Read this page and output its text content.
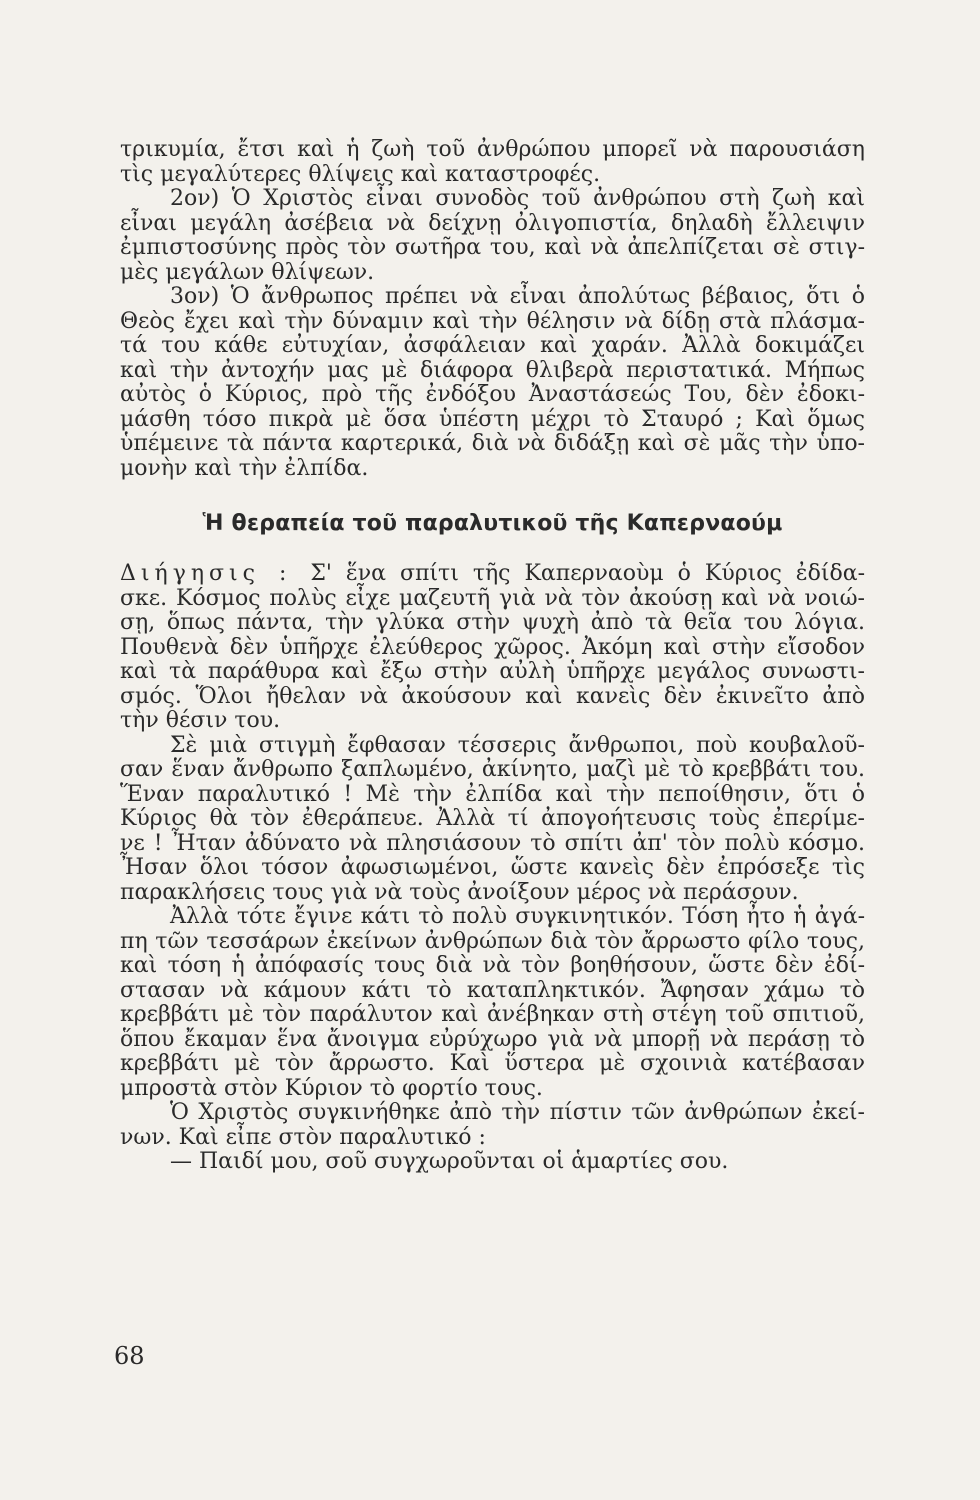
τρικυμία, ἔτσι καὶ ἡ ζωὴ τοῦ ἀνθρώπου μπορεῖ νὰ παρουσιάση
τὶς μεγαλύτερες θλίψεις καὶ καταστροφές.
2ον) Ὁ Χριστὸς εἶναι συνοδὸς τοῦ ἀνθρώπου στὴ ζωὴ καὶ
εἶναι μεγάλη ἀσέβεια νὰ δείχνῃ ὀλιγοπιστία, δηλαδὴ ἔλλειψιν
ἐμπιστοσύνης πρὸς τὸν σωτῆρα του, καὶ νὰ ἀπελπίζεται σὲ στιγ-
μὲς μεγάλων θλίψεων.
3ον) Ὁ ἄνθρωπος πρέπει νὰ εἶναι ἀπολύτως βέβαιος, ὅτι ὁ
Θεὸς ἔχει καὶ τὴν δύναμιν καὶ τὴν θέλησιν νὰ δίδῃ στὰ πλάσμα-
τά του κάθε εὐτυχίαν, ἀσφάλειαν καὶ χαράν. Ἀλλὰ δοκιμάζει
καὶ τὴν ἀντοχήν μας μὲ διάφορα θλιβερὰ περιστατικά. Μήπως
αὐτὸς ὁ Κύριος, πρὸ τῆς ἐνδόξου Ἀναστάσεώς Του, δὲν ἐδοκι-
μάσθη τόσο πικρὰ μὲ ὅσα ὑπέστη μέχρι τὸ Σταυρό ; Καὶ ὅμως
ὑπέμεινε τὰ πάντα καρτερικά, διὰ νὰ διδάξῃ καὶ σὲ μᾶς τὴν ὑπο-
μονὴν καὶ τὴν ἐλπίδα.
Ἡ θεραπεία τοῦ παραλυτικοῦ τῆς Καπερναούμ
Διήγησις : Σ' ἕνα σπίτι τῆς Καπερναοὺμ ὁ Κύριος ἐδίδα-
σκε. Κόσμος πολὺς εἶχε μαζευτῆ γιὰ νὰ τὸν ἀκούσῃ καὶ νὰ νοιώ-
σῃ, ὅπως πάντα, τὴν γλύκα στὴν ψυχὴ ἀπὸ τὰ θεῖα του λόγια.
Πουθενὰ δὲν ὑπῆρχε ἐλεύθερος χῶρος. Ἀκόμη καὶ στὴν εἴσοδον
καὶ τὰ παράθυρα καὶ ἔξω στὴν αὐλὴ ὑπῆρχε μεγάλος συνωστι-
σμός. Ὅλοι ἤθελαν νὰ ἀκούσουν καὶ κανεὶς δὲν ἐκινεῖτο ἀπὸ
τὴν θέσιν του.
Σὲ μιὰ στιγμὴ ἔφθασαν τέσσερις ἄνθρωποι, ποὺ κουβαλοῦ-
σαν ἕναν ἄνθρωπο ξαπλωμένο, ἀκίνητο, μαζὶ μὲ τὸ κρεββάτι του.
Ἕναν παραλυτικό ! Μὲ τὴν ἐλπίδα καὶ τὴν πεποίθησιν, ὅτι ὁ
Κύριος θὰ τὸν ἐθεράπευε. Ἀλλὰ τί ἀπογοήτευσις τοὺς ἐπερίμε-
νε ! Ἦταν ἀδύνατο νὰ πλησιάσουν τὸ σπίτι ἀπ' τὸν πολὺ κόσμο.
Ἦσαν ὅλοι τόσον ἀφωσιωμένοι, ὥστε κανεὶς δὲν ἐπρόσεξε τὶς
παρακλήσεις τους γιὰ νὰ τοὺς ἀνοίξουν μέρος νὰ περάσουν.
Ἀλλὰ τότε ἔγινε κάτι τὸ πολὺ συγκινητικόν. Τόση ἦτο ἡ ἀγά-
πη τῶν τεσσάρων ἐκείνων ἀνθρώπων διὰ τὸν ἄρρωστο φίλο τους,
καὶ τόση ἡ ἀπόφασίς τους διὰ νὰ τὸν βοηθήσουν, ὥστε δὲν ἐδί-
στασαν νὰ κάμουν κάτι τὸ καταπληκτικόν. Ἄφησαν χάμω τὸ
κρεββάτι μὲ τὸν παράλυτον καὶ ἀνέβηκαν στὴ στέγη τοῦ σπιτιοῦ,
ὅπου ἔκαμαν ἕνα ἄνοιγμα εὐρύχωρο γιὰ νὰ μπορῇ νὰ περάσῃ τὸ
κρεββάτι μὲ τὸν ἄρρωστο. Καὶ ὕστερα μὲ σχοινιὰ κατέβασαν
μπροστὰ στὸν Κύριον τὸ φορτίο τους.
Ὁ Χριστὸς συγκινήθηκε ἀπὸ τὴν πίστιν τῶν ἀνθρώπων ἐκεί-
νων. Καὶ εἶπε στὸν παραλυτικό :
— Παιδί μου, σοῦ συγχωροῦνται οἱ ἁμαρτίες σου.
68
